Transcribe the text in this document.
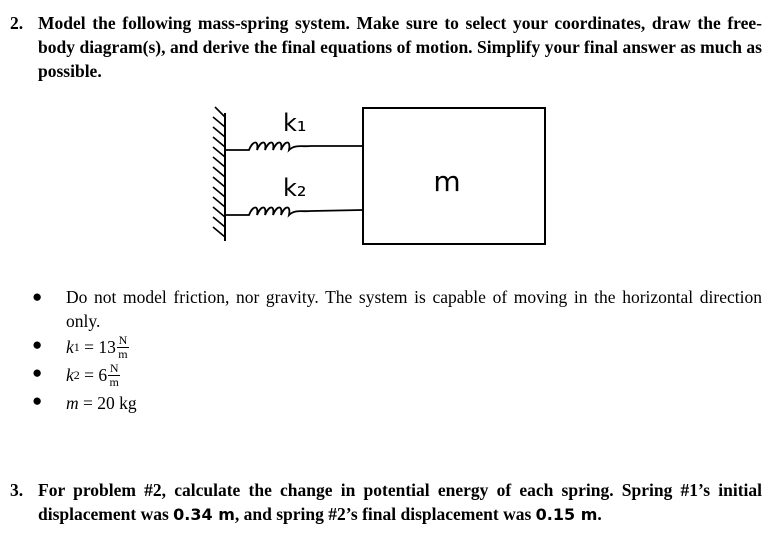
2. Model the following mass-spring system. Make sure to select your coordinates, draw the free-body diagram(s), and derive the final equations of motion. Simplify your final answer as much as possible.
k₁
k₂	m
● Do not model friction, nor gravity. The system is capable of moving in the horizontal direction only.
● k $1 = 13 \frac{N}{m}$
● k $2 = 6 \frac{N}{m}$
● m = 20 kg
3. For problem #2, calculate the change in potential energy of each spring. Spring #1’s initial displacement was 0.34 m, and spring #2’s final displacement was 0.15 m.
